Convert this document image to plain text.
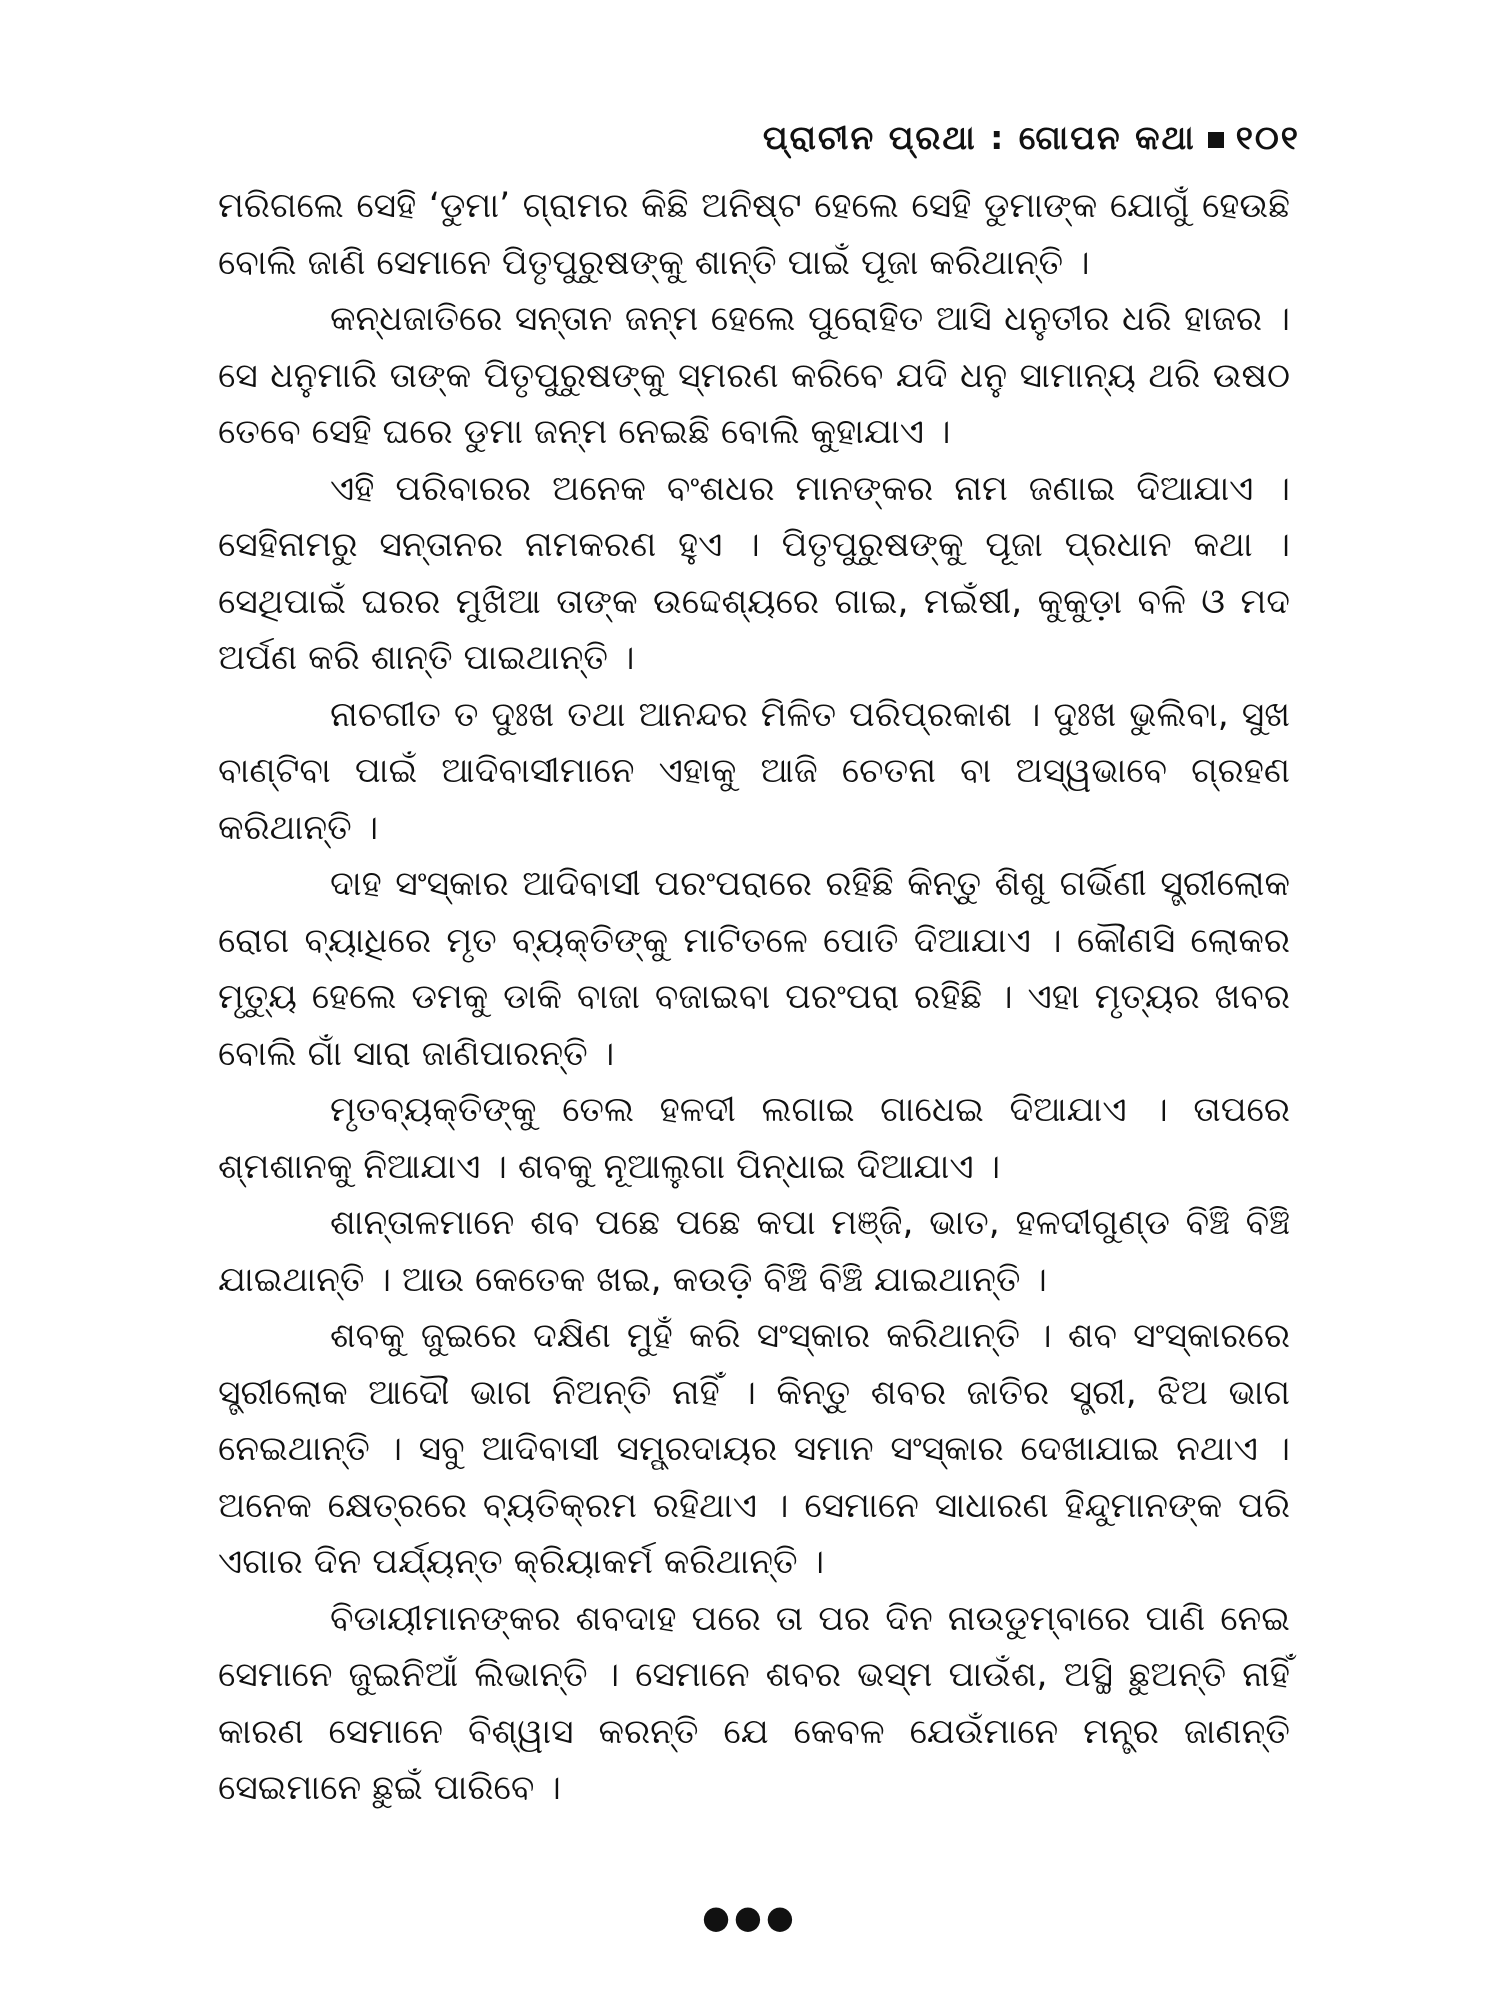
ପ୍ରାଚୀନ ପ୍ରଥା : ଗୋପନ କଥା ୧୦୧

ମରିଗଲେ ସେହି ‘ଡୁମା’ ଗ୍ରାମର କିଛି ଅନିଷ୍ଟ ହେଲେ ସେହି ଡୁମାଙ୍କ ଯୋଗୁଁ ହେଉଛି ବୋଲି ଜାଣି ସେମାନେ ପିତୃପୁରୁଷଙ୍କୁ ଶାନ୍ତି ପାଇଁ ପୂଜା କରିଥାନ୍ତି ।

କନ୍ଧଜାତିରେ ସନ୍ତାନ ଜନ୍ମ ହେଲେ ପୁରୋହିତ ଆସି ଧନୁତୀର ଧରି ହାଜର । ସେ ଧନୁମାରି ତାଙ୍କ ପିତୃପୁରୁଷଙ୍କୁ ସ୍ମରଣ କରିବେ ଯଦି ଧନୁ ସାମାନ୍ୟ ଥରି ଉଷଠ ତେବେ ସେହି ଘରେ ଡୁମା ଜନ୍ମ ନେଇଛି ବୋଲି କୁହାଯାଏ ।

ଏହି ପରିବାରର ଅନେକ ବଂଶଧର ମାନଙ୍କର ନାମ ଜଣାଇ ଦିଆଯାଏ । ସେହିନାମରୁ ସନ୍ତାନର ନାମକରଣ ହୁଏ । ପିତୃପୁରୁଷଙ୍କୁ ପୂଜା ପ୍ରଧାନ କଥା । ସେଥିପାଇଁ ଘରର ମୁଖିଆ ତାଙ୍କ ଉଦ୍ଦେଶ୍ୟରେ ଗାଇ, ମଇଁଷୀ, କୁକୁଡ଼ା ବଳି ଓ ମଦ ଅର୍ପଣ କରି ଶାନ୍ତି ପାଇଥାନ୍ତି ।

ନାଚଗୀତ ତ ଦୁଃଖ ତଥା ଆନନ୍ଦର ମିଳିତ ପରିପ୍ରକାଶ । ଦୁଃଖ ଭୁଲିବା, ସୁଖ ବାଣ୍ଟିବା ପାଇଁ ଆଦିବାସୀମାନେ ଏହାକୁ ଆଜି ଚେତନା ବା ଅସ୍ୱଭାବେ ଗ୍ରହଣ କରିଥାନ୍ତି ।

ଦାହ ସଂସ୍କାର ଆଦିବାସୀ ପରଂପରାରେ ରହିଛି କିନ୍ତୁ ଶିଶୁ ଗର୍ଭିଣୀ ସ୍ତ୍ରୀଲୋକ ରୋଗ ବ୍ୟାଧିରେ ମୃତ ବ୍ୟକ୍ତିଙ୍କୁ ମାଟିତଳେ ପୋତି ଦିଆଯାଏ । କୌଣସି ଲୋକର ମୃତ୍ୟୁ ହେଲେ ଡମକୁ ଡାକି ବାଜା ବଜାଇବା ପରଂପରା ରହିଛି । ଏହା ମୃତ୍ୟର ଖବର ବୋଲି ଗାଁ ସାରା ଜାଣିପାରନ୍ତି ।

ମୃତବ୍ୟକ୍ତିଙ୍କୁ ତେଲ ହଳଦୀ ଲଗାଇ ଗାଧେଇ ଦିଆଯାଏ । ତାପରେ ଶ୍ମଶାନକୁ ନିଆଯାଏ । ଶବକୁ ନୂଆଲୁଗା ପିନ୍ଧାଇ ଦିଆଯାଏ ।

ଶାନ୍ତାଳମାନେ ଶବ ପଛେ ପଛେ କପା ମଞ୍ଜି, ଭାତ, ହଳଦୀଗୁଣ୍ଡ ବିଞ୍ଚି ବିଞ୍ଚି ଯାଇଥାନ୍ତି । ଆଉ କେତେକ ଖଇ, କଉଡ଼ି ବିଞ୍ଚି ବିଞ୍ଚି ଯାଇଥାନ୍ତି ।

ଶବକୁ ଜୁଇରେ ଦକ୍ଷିଣ ମୁହଁ କରି ସଂସ୍କାର କରିଥାନ୍ତି । ଶବ ସଂସ୍କାରରେ ସ୍ତ୍ରୀଲୋକ ଆଦୌ ଭାଗ ନିଅନ୍ତି ନାହିଁ । କିନ୍ତୁ ଶବର ଜାତିର ସ୍ତ୍ରୀ, ଝିଅ ଭାଗ ନେଇଥାନ୍ତି । ସବୁ ଆଦିବାସୀ ସମ୍ପ୍ରଦାୟର ସମାନ ସଂସ୍କାର ଦେଖାଯାଇ ନଥାଏ । ଅନେକ କ୍ଷେତ୍ରରେ ବ୍ୟତିକ୍ରମ ରହିଥାଏ । ସେମାନେ ସାଧାରଣ ହିନ୍ଦୁମାନଙ୍କ ପରି ଏଗାର ଦିନ ପର୍ଯ୍ୟନ୍ତ କ୍ରିୟାକର୍ମ କରିଥାନ୍ତି ।

ବିଡାୟୀମାନଙ୍କର ଶବଦାହ ପରେ ତା ପର ଦିନ ନାଉଡୁମ୍ବାରେ ପାଣି ନେଇ ସେମାନେ ଜୁଇନିଆଁ ଲିଭାନ୍ତି । ସେମାନେ ଶବର ଭସ୍ମ ପାଉଁଶ, ଅସ୍ଥି ଛୁଅନ୍ତି ନାହିଁ କାରଣ ସେମାନେ ବିଶ୍ୱାସ କରନ୍ତି ଯେ କେବଳ ଯେଉଁମାନେ ମନ୍ତ୍ର ଜାଣନ୍ତି ସେଇମାନେ ଛୁଇଁ ପାରିବେ ।

●●●
